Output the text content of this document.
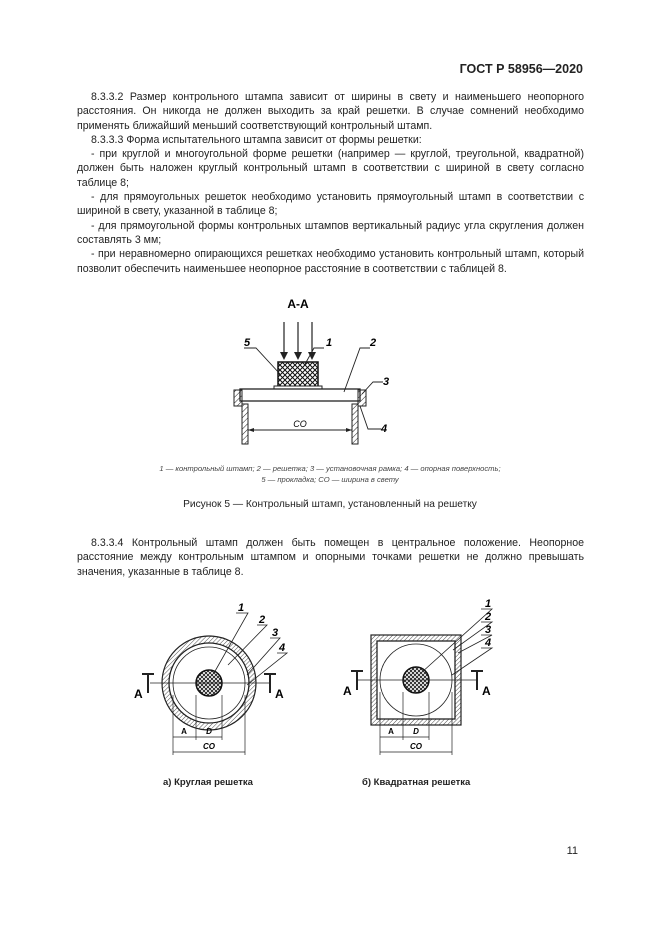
ГОСТ Р 58956—2020

8.3.3.2 Размер контрольного штампа зависит от ширины в свету и наименьшего неопорного расстояния. Он никогда не должен выходить за край решетки. В случае сомнений необходимо применять ближайший меньший соответствующий контрольный штамп.

8.3.3.3 Форма испытательного штампа зависит от формы решетки:

- при круглой и многоугольной форме решетки (например — круглой, треугольной, квадратной) должен быть наложен круглый контрольный штамп в соответствии с шириной в свету согласно таблице 8;

- для прямоугольных решеток необходимо установить прямоугольный штамп в соответствии с шириной в свету, указанной в таблице 8;

- для прямоугольной формы контрольных штампов вертикальный радиус угла скругления должен составлять 3 мм;

- при неравномерно опирающихся решетках необходимо установить контрольный штамп, который позволит обеспечить наименьшее неопорное расстояние в соответствии с таблицей 8.

А-А
СО
5	1	2
3
4
1 — контрольный штамп; 2 — решетка; 3 — установочная рамка; 4 — опорная поверхность;
5 — прокладка; СО — ширина в свету
Рисунок 5 — Контрольный штамп, установленный на решетку

8.3.3.4 Контрольный штамп должен быть помещен в центральное положение. Неопорное расстояние между контрольным штампом и опорными точками решетки не должно превышать значения, указанные в таблице 8.

А	А
А D
СО
1
2
3
4
А	А
А D
СО
1
2
3
4
а) Круглая решетка	б) Квадратная решетка
11
